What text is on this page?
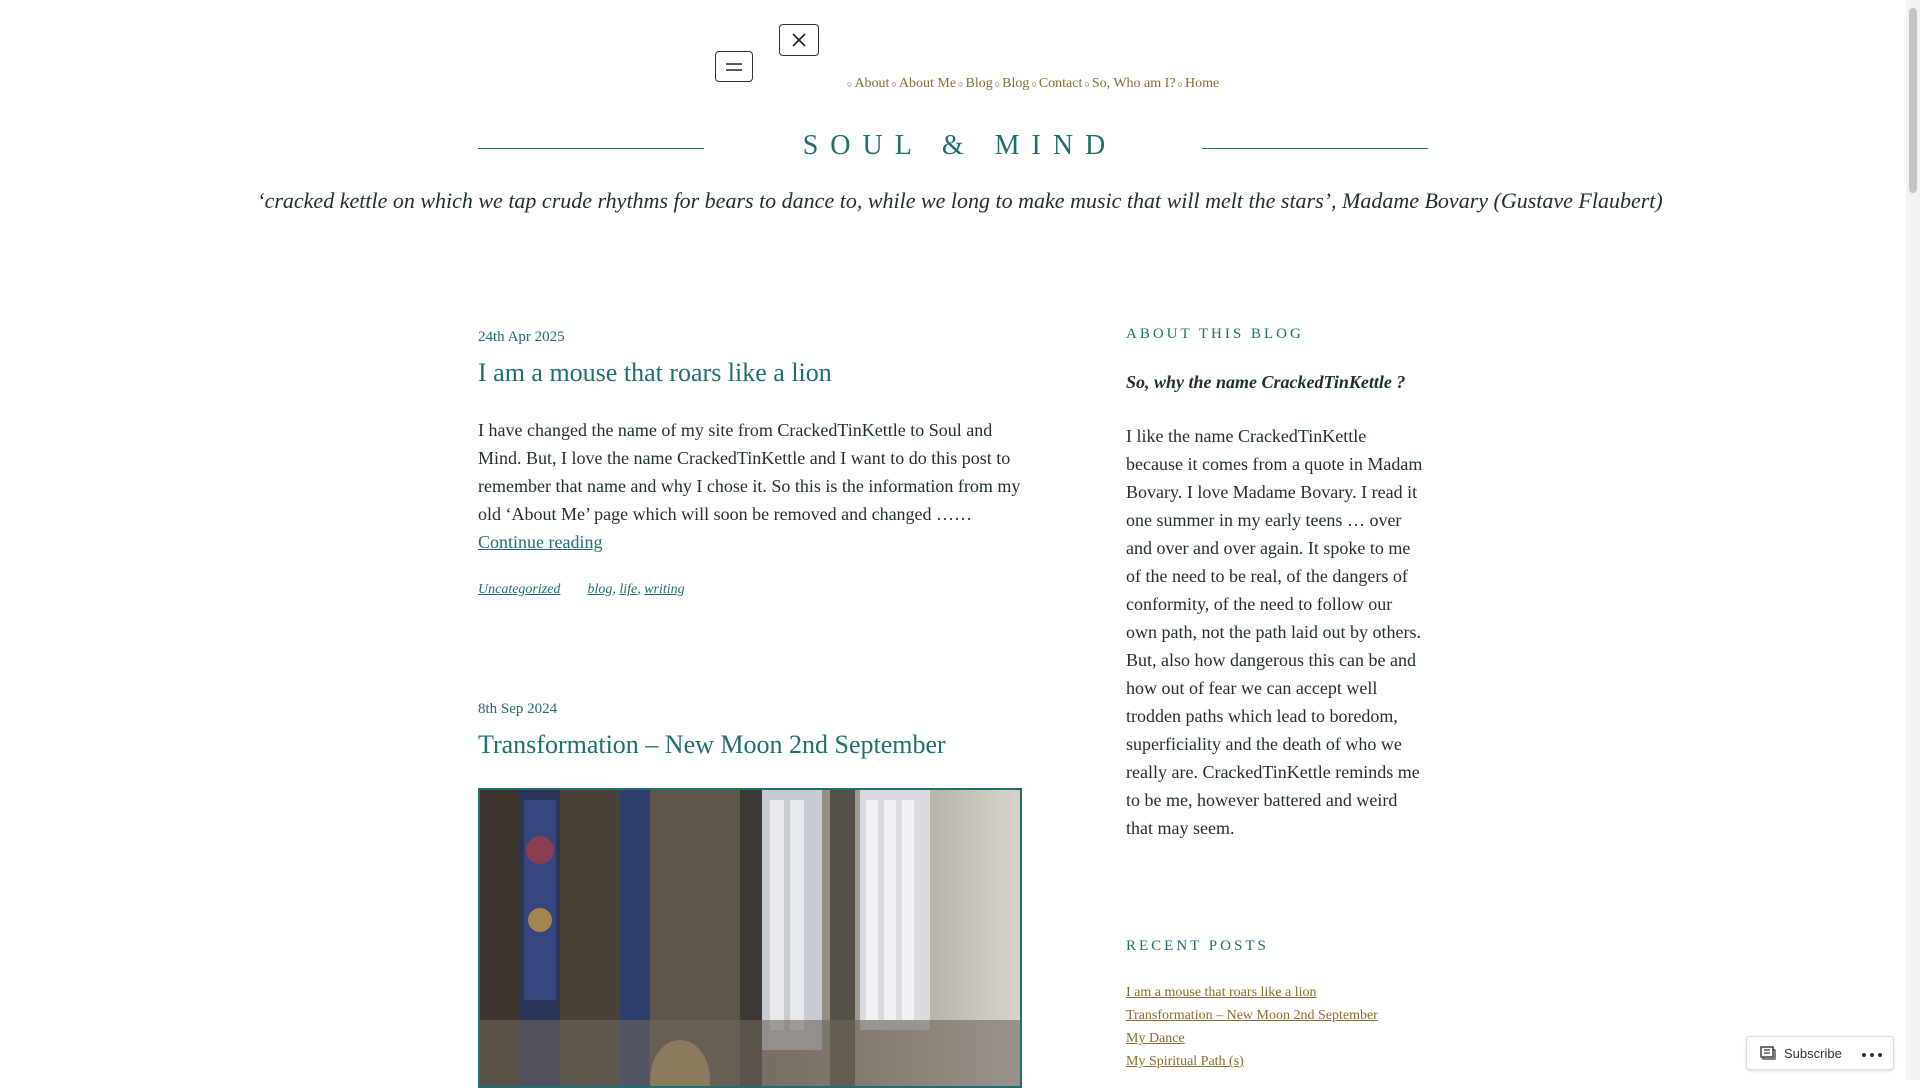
○ About ○ About Me ○ Blog ○ Blog ○ Contact ○ So, Who am I? ○ Home
SOUL & MIND
‘cracked kettle on which we tap crude rhythms for bears to dance to, while we long to make music that will melt the stars’, Madame Bovary (Gustave Flaubert)
24th Apr 2025
I am a mouse that roars like a lion
I have changed the name of my site from CrackedTinKettle to Soul and Mind. But, I love the name CrackedTinKettle and I want to do this post to remember that name and why I chose it. So this is the information from my old ‘About Me’ page which will soon be removed and changed ……
Continue reading
Uncategorized blog, life, writing
8th Sep 2024
Transformation – New Moon 2nd September
ABOUT THIS BLOG
So, why the name CrackedTinKettle ?
I like the name CrackedTinKettle because it comes from a quote in Madam Bovary. I love Madame Bovary. I read it one summer in my early teens … over and over and over again. It spoke to me of the need to be real, of the dangers of conformity, of the need to follow our own path, not the path laid out by others. But, also how dangerous this can be and how out of fear we can accept well trodden paths which lead to boredom, superficiality and the death of who we really are. CrackedTinKettle reminds me to be me, however battered and weird that may seem.
RECENT POSTS
I am a mouse that roars like a lion
Transformation – New Moon 2nd September
My Dance
My Spiritual Path (s)
Subscribe
